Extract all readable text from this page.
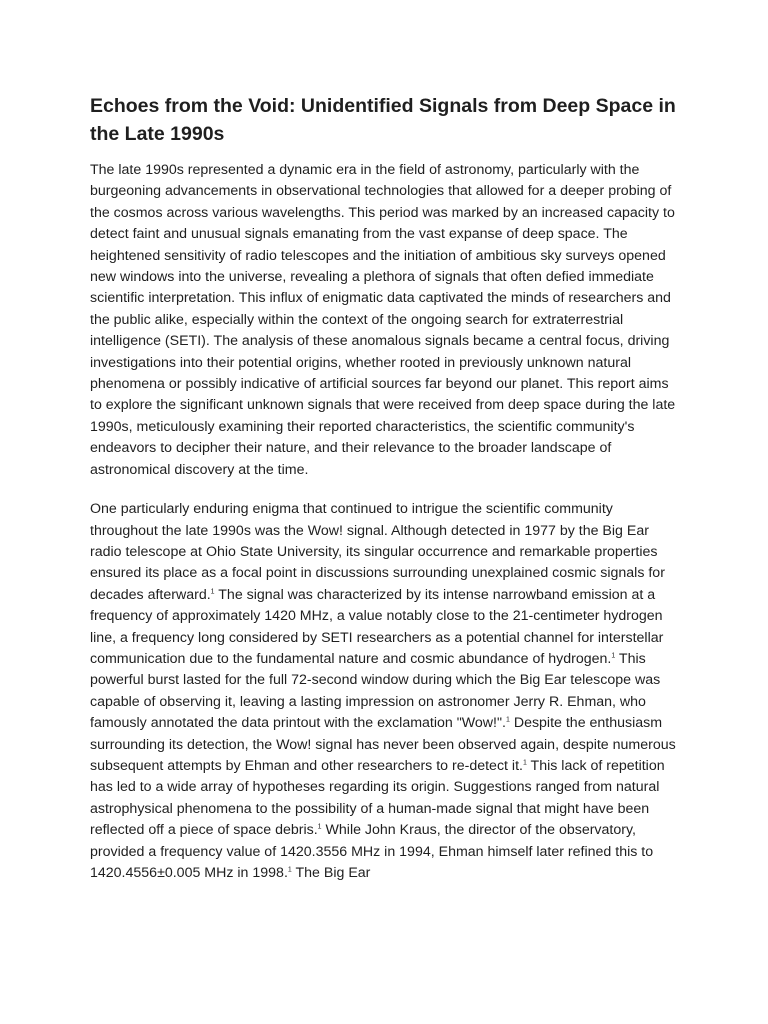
Echoes from the Void: Unidentified Signals from Deep Space in the Late 1990s

The late 1990s represented a dynamic era in the field of astronomy, particularly with the burgeoning advancements in observational technologies that allowed for a deeper probing of the cosmos across various wavelengths. This period was marked by an increased capacity to detect faint and unusual signals emanating from the vast expanse of deep space. The heightened sensitivity of radio telescopes and the initiation of ambitious sky surveys opened new windows into the universe, revealing a plethora of signals that often defied immediate scientific interpretation. This influx of enigmatic data captivated the minds of researchers and the public alike, especially within the context of the ongoing search for extraterrestrial intelligence (SETI). The analysis of these anomalous signals became a central focus, driving investigations into their potential origins, whether rooted in previously unknown natural phenomena or possibly indicative of artificial sources far beyond our planet. This report aims to explore the significant unknown signals that were received from deep space during the late 1990s, meticulously examining their reported characteristics, the scientific community's endeavors to decipher their nature, and their relevance to the broader landscape of astronomical discovery at the time.

One particularly enduring enigma that continued to intrigue the scientific community throughout the late 1990s was the Wow! signal. Although detected in 1977 by the Big Ear radio telescope at Ohio State University, its singular occurrence and remarkable properties ensured its place as a focal point in discussions surrounding unexplained cosmic signals for decades afterward.$^1$ The signal was characterized by its intense narrowband emission at a frequency of approximately 1420 MHz, a value notably close to the 21-centimeter hydrogen line, a frequency long considered by SETI researchers as a potential channel for interstellar communication due to the fundamental nature and cosmic abundance of hydrogen.$^1$ This powerful burst lasted for the full 72-second window during which the Big Ear telescope was capable of observing it, leaving a lasting impression on astronomer Jerry R. Ehman, who famously annotated the data printout with the exclamation "Wow!".$^1$ Despite the enthusiasm surrounding its detection, the Wow! signal has never been observed again, despite numerous subsequent attempts by Ehman and other researchers to re-detect it.$^1$ This lack of repetition has led to a wide array of hypotheses regarding its origin. Suggestions ranged from natural astrophysical phenomena to the possibility of a human-made signal that might have been reflected off a piece of space debris.$^1$ While John Kraus, the director of the observatory, provided a frequency value of 1420.3556 MHz in 1994, Ehman himself later refined this to 1420.4556±0.005 MHz in 1998.$^1$ The Big Ear
